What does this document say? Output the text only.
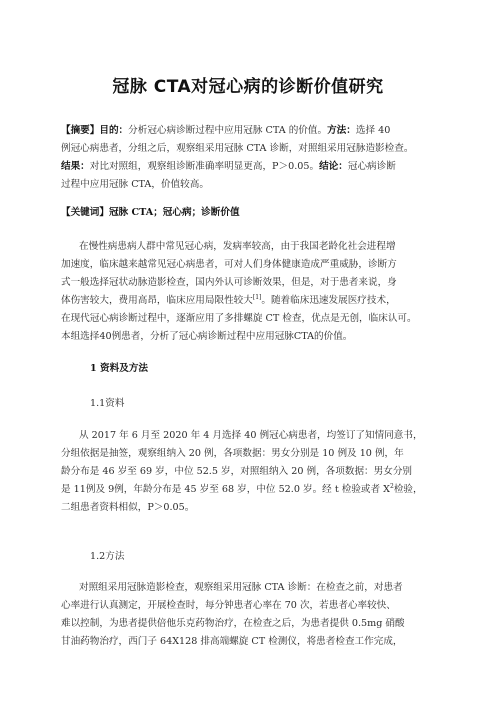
冠脉 CTA对冠心病的诊断价值研究
【摘要】目的：分析冠心病诊断过程中应用冠脉 CTA 的价值。方法：选择 40
例冠心病患者，分组之后，观察组采用冠脉 CTA 诊断，对照组采用冠脉造影检查。
结果：对比对照组，观察组诊断准确率明显更高，P＞0.05。结论：冠心病诊断
过程中应用冠脉 CTA，价值较高。
【关键词】冠脉 CTA；冠心病；诊断价值
在慢性病患病人群中常见冠心病，发病率较高，由于我国老龄化社会进程增
加速度，临床越来越常见冠心病患者，可对人们身体健康造成严重威胁，诊断方
式一般选择冠状动脉造影检查，国内外认可诊断效果，但是，对于患者来说，身
体伤害较大，费用高昂，临床应用局限性较大[1]。随着临床迅速发展医疗技术，
在现代冠心病诊断过程中，逐渐应用了多排螺旋 CT 检查，优点是无创，临床认可。
本组选择40例患者，分析了冠心病诊断过程中应用冠脉CTA的价值。
1 资料及方法
1.1资料
从 2017 年 6 月至 2020 年 4 月选择 40 例冠心病患者，均签订了知情同意书，
分组依据是抽签，观察组纳入 20 例，各项数据：男女分别是 10 例及 10 例，年
龄分布是 46 岁至 69 岁，中位 52.5 岁，对照组纳入 20 例，各项数据：男女分别
是 11例及 9例，年龄分布是 45 岁至 68 岁，中位 52.0 岁。经 t 检验或者 $X^2$检验，
二组患者资料相似，P＞0.05。
1.2方法
对照组采用冠脉造影检查，观察组采用冠脉 CTA 诊断：在检查之前，对患者
心率进行认真测定，开展检查时，每分钟患者心率在 70 次，若患者心率较快、
难以控制，为患者提供倍他乐克药物治疗，在检查之后，为患者提供 0.5mg 硝酸
甘油药物治疗，西门子 64X128 排高端螺旋 CT 检测仪，将患者检查工作完成，
